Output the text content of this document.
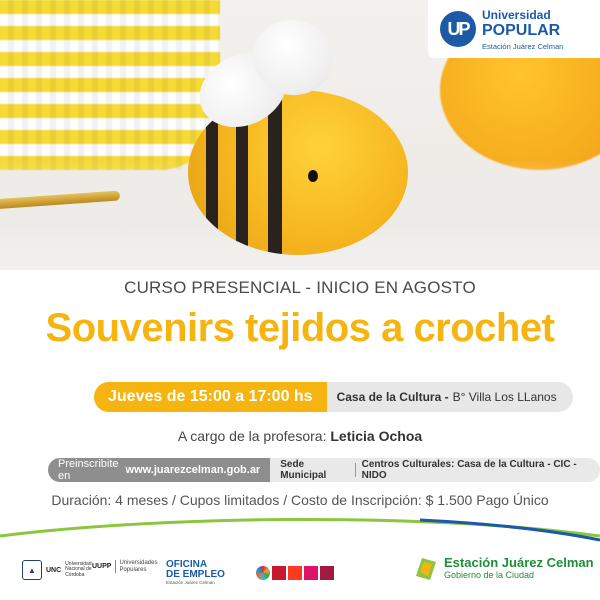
UP
Universidad
POPULAR
Estación Juárez Celman
CURSO PRESENCIAL - INICIO EN AGOSTO
Souvenirs tejidos a crochet
Jueves de 15:00 a 17:00 hs	Casa de la Cultura - B° Villa Los LLanos
A cargo de la profesora: Leticia Ochoa
Preinscribite en	www.juarezcelman.gob.ar Sede Municipal
Centros Culturales: Casa de la Cultura - CIC - NIDO
Duración: 4 meses / Cupos limitados / Costo de Inscripción: $ 1.500 Pago Único
▲ UNC
Universidad Nacional de Córdoba
UUPP
Universidades Populares	OFICINA
DE EMPLEO
Estación Juárez Celman
Estación Juárez Celman
Gobierno de la Ciudad
